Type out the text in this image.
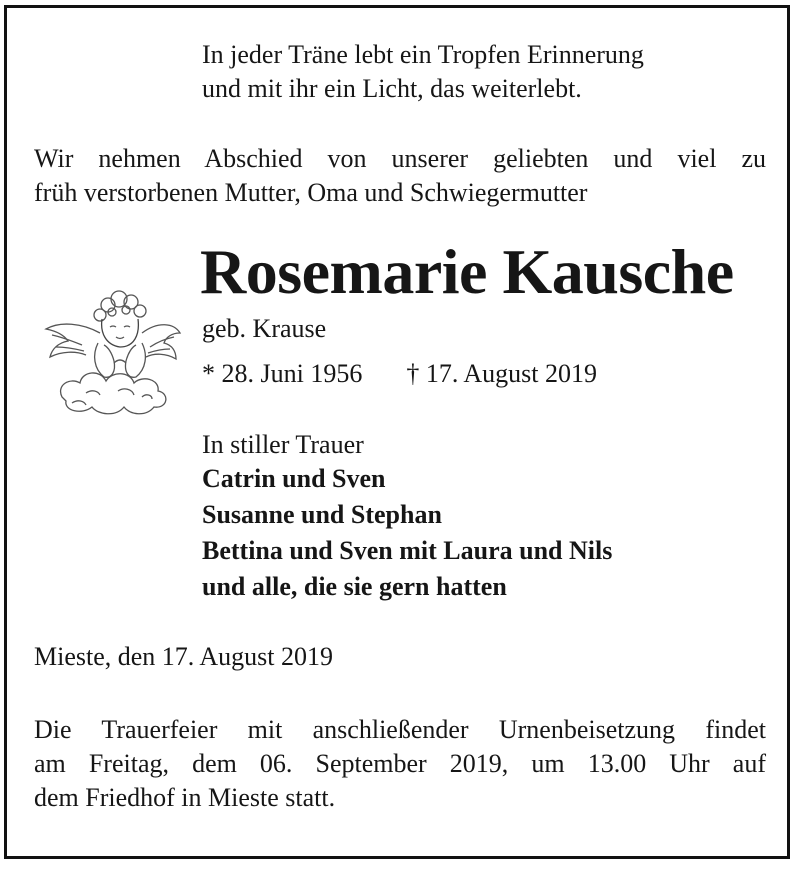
In jeder Träne lebt ein Tropfen Erinnerung
und mit ihr ein Licht, das weiterlebt.
Wir nehmen Abschied von unserer geliebten und viel zu
früh verstorbenen Mutter, Oma und Schwiegermutter
Rosemarie Kausche
geb. Krause
* 28. Juni 1956 † 17. August 2019
In stiller Trauer
Catrin und Sven
Susanne und Stephan
Bettina und Sven mit Laura und Nils
und alle, die sie gern hatten
Mieste, den 17. August 2019
Die Trauerfeier mit anschließender Urnenbeisetzung findet
am Freitag, dem 06. September 2019, um 13.00 Uhr auf
dem Friedhof in Mieste statt.
